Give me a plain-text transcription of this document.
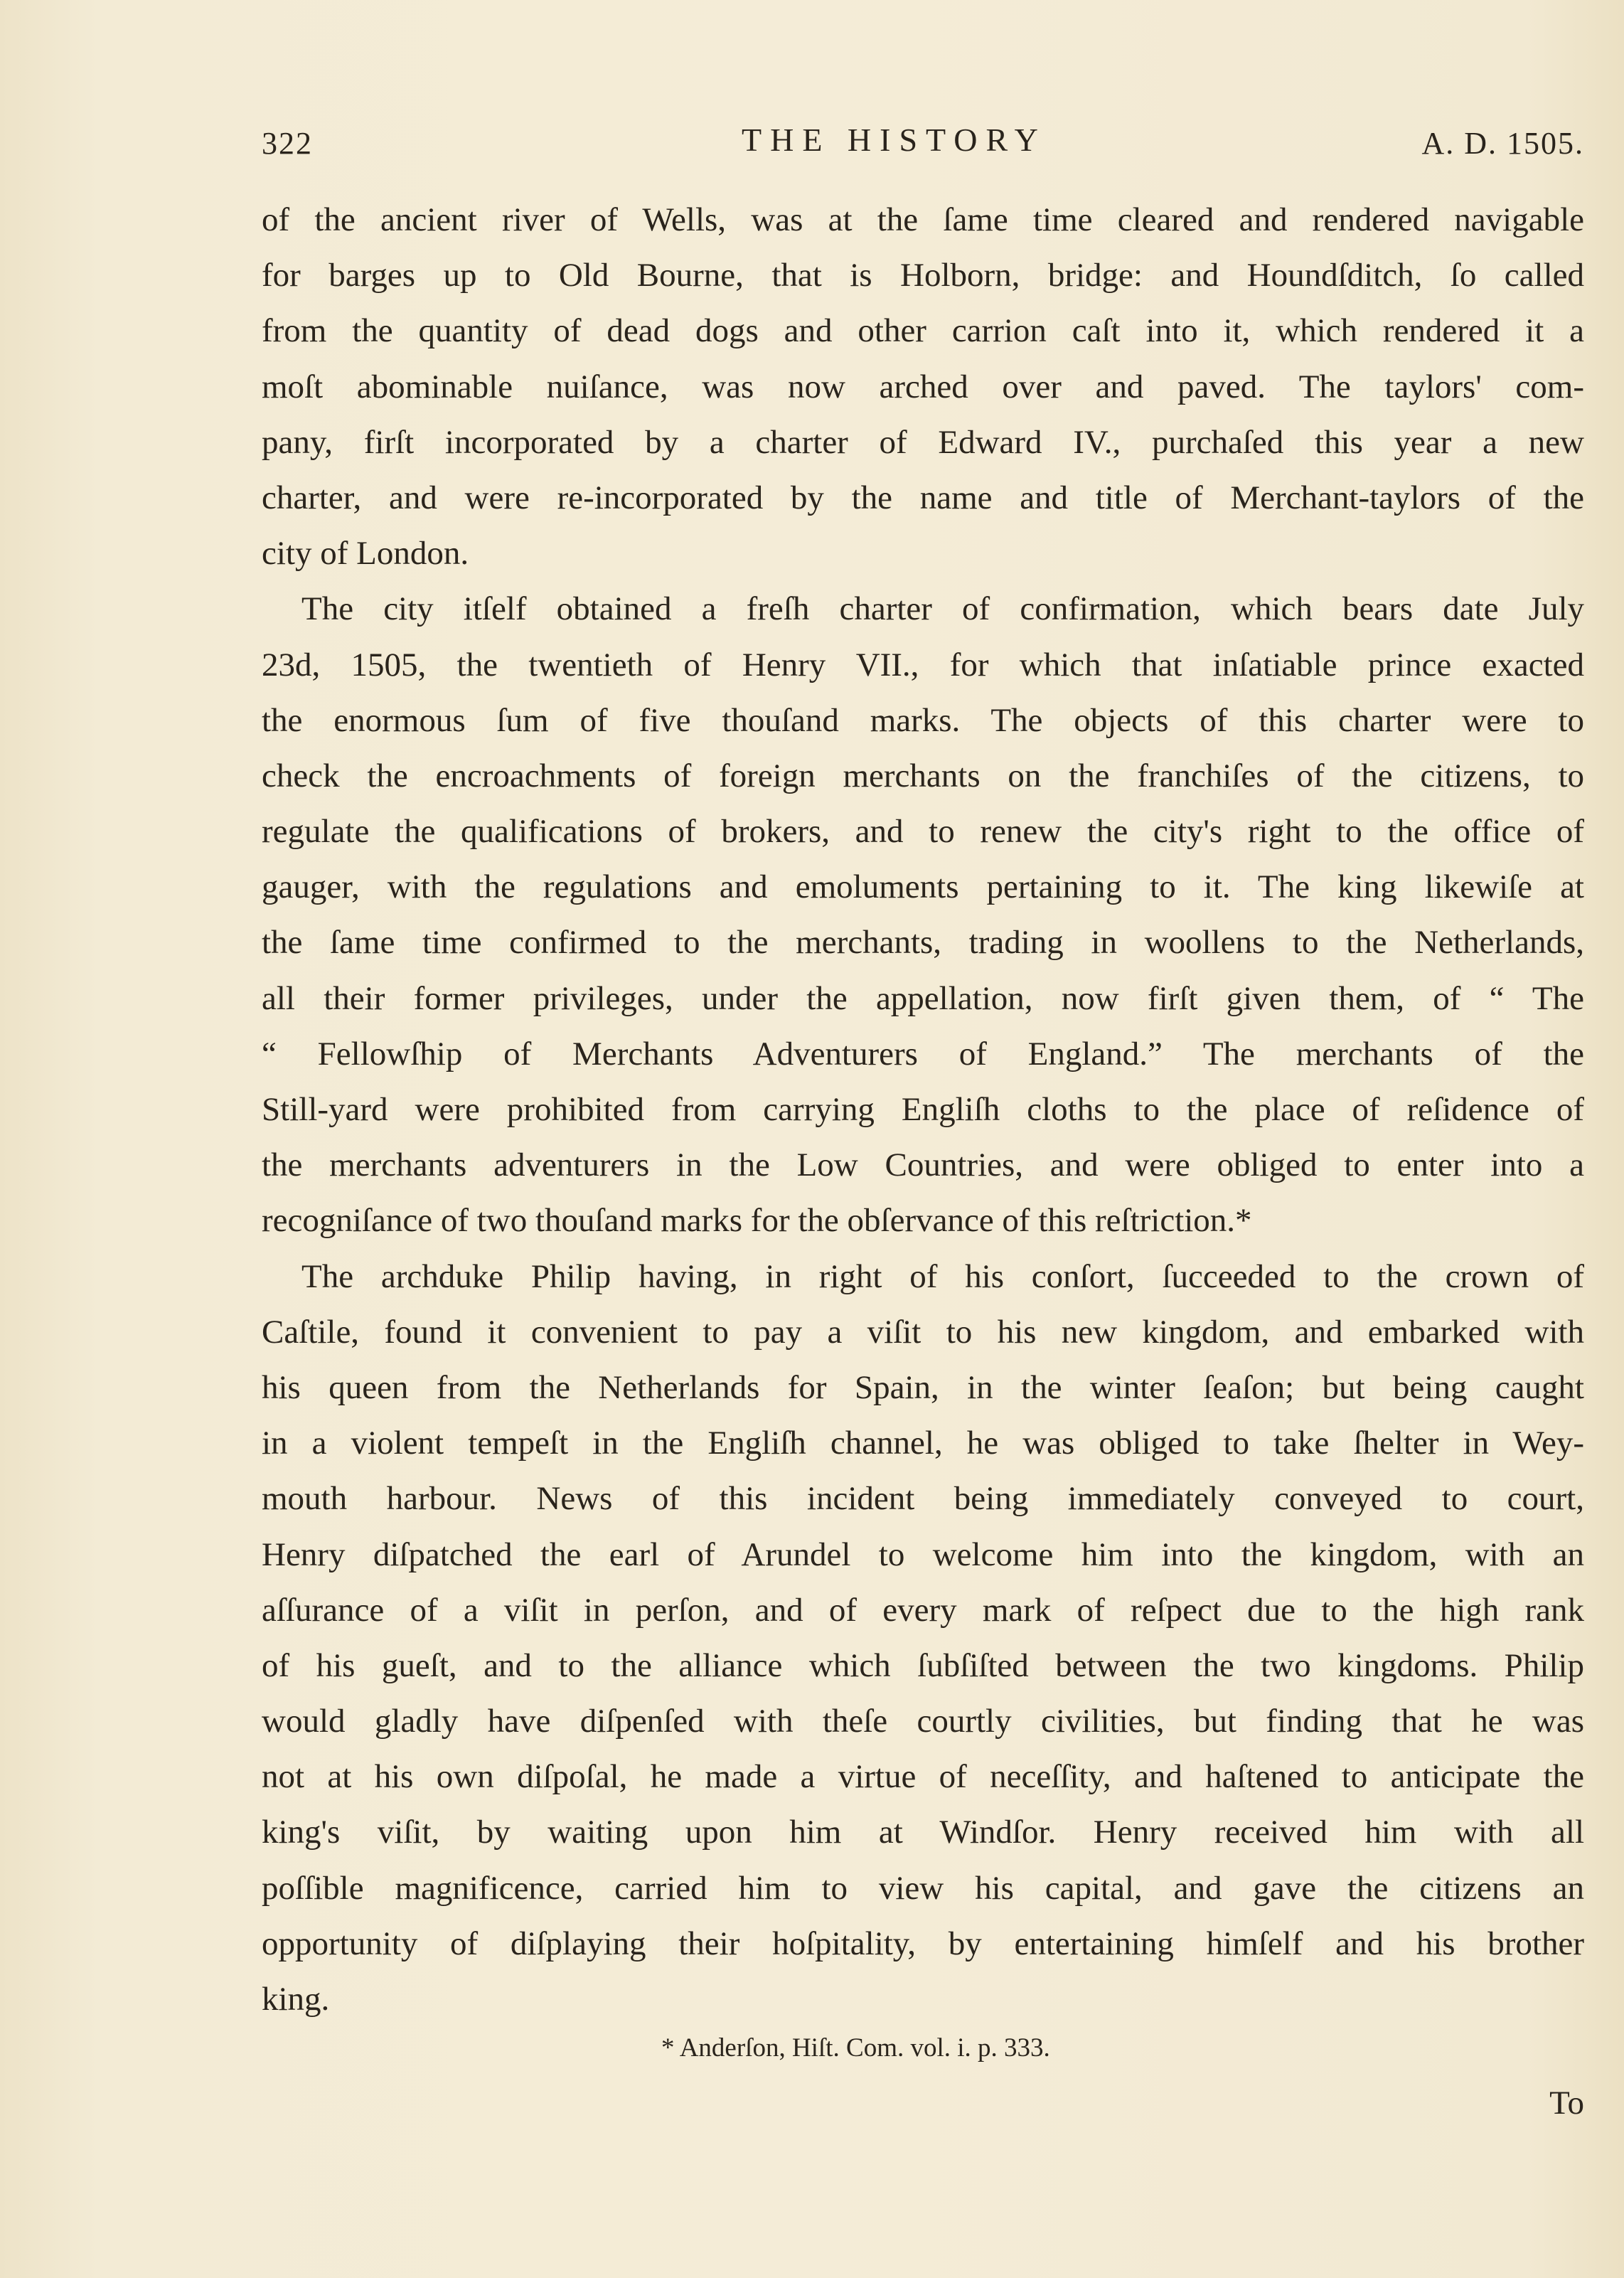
322	THE HISTORY	A. D. 1505.
of the ancient river of Wells, was at the ſame time cleared and rendered navigable
for barges up to Old Bourne, that is Holborn, bridge: and Houndſditch, ſo called
from the quantity of dead dogs and other carrion caſt into it, which rendered it a
moſt abominable nuiſance, was now arched over and paved. The taylors' com-
pany, firſt incorporated by a charter of Edward IV., purchaſed this year a new
charter, and were re-incorporated by the name and title of Merchant-taylors of the
city of London.
The city itſelf obtained a freſh charter of confirmation, which bears date July
23d, 1505, the twentieth of Henry VII., for which that inſatiable prince exacted
the enormous ſum of five thouſand marks. The objects of this charter were to
check the encroachments of foreign merchants on the franchiſes of the citizens, to
regulate the qualifications of brokers, and to renew the city's right to the office of
gauger, with the regulations and emoluments pertaining to it. The king likewiſe at
the ſame time confirmed to the merchants, trading in woollens to the Netherlands,
all their former privileges, under the appellation, now firſt given them, of “ The
“ Fellowſhip of Merchants Adventurers of England.” The merchants of the
Still-yard were prohibited from carrying Engliſh cloths to the place of reſidence of
the merchants adventurers in the Low Countries, and were obliged to enter into a
recogniſance of two thouſand marks for the obſervance of this reſtriction.*
The archduke Philip having, in right of his conſort, ſucceeded to the crown of
Caſtile, found it convenient to pay a viſit to his new kingdom, and embarked with
his queen from the Netherlands for Spain, in the winter ſeaſon; but being caught
in a violent tempeſt in the Engliſh channel, he was obliged to take ſhelter in Wey-
mouth harbour. News of this incident being immediately conveyed to court,
Henry diſpatched the earl of Arundel to welcome him into the kingdom, with an
aſſurance of a viſit in perſon, and of every mark of reſpect due to the high rank
of his gueſt, and to the alliance which ſubſiſted between the two kingdoms. Philip
would gladly have diſpenſed with theſe courtly civilities, but finding that he was
not at his own diſpoſal, he made a virtue of neceſſity, and haſtened to anticipate the
king's viſit, by waiting upon him at Windſor. Henry received him with all
poſſible magnificence, carried him to view his capital, and gave the citizens an
opportunity of diſplaying their hoſpitality, by entertaining himſelf and his brother
king.
* Anderſon, Hiſt. Com. vol. i. p. 333.
To
